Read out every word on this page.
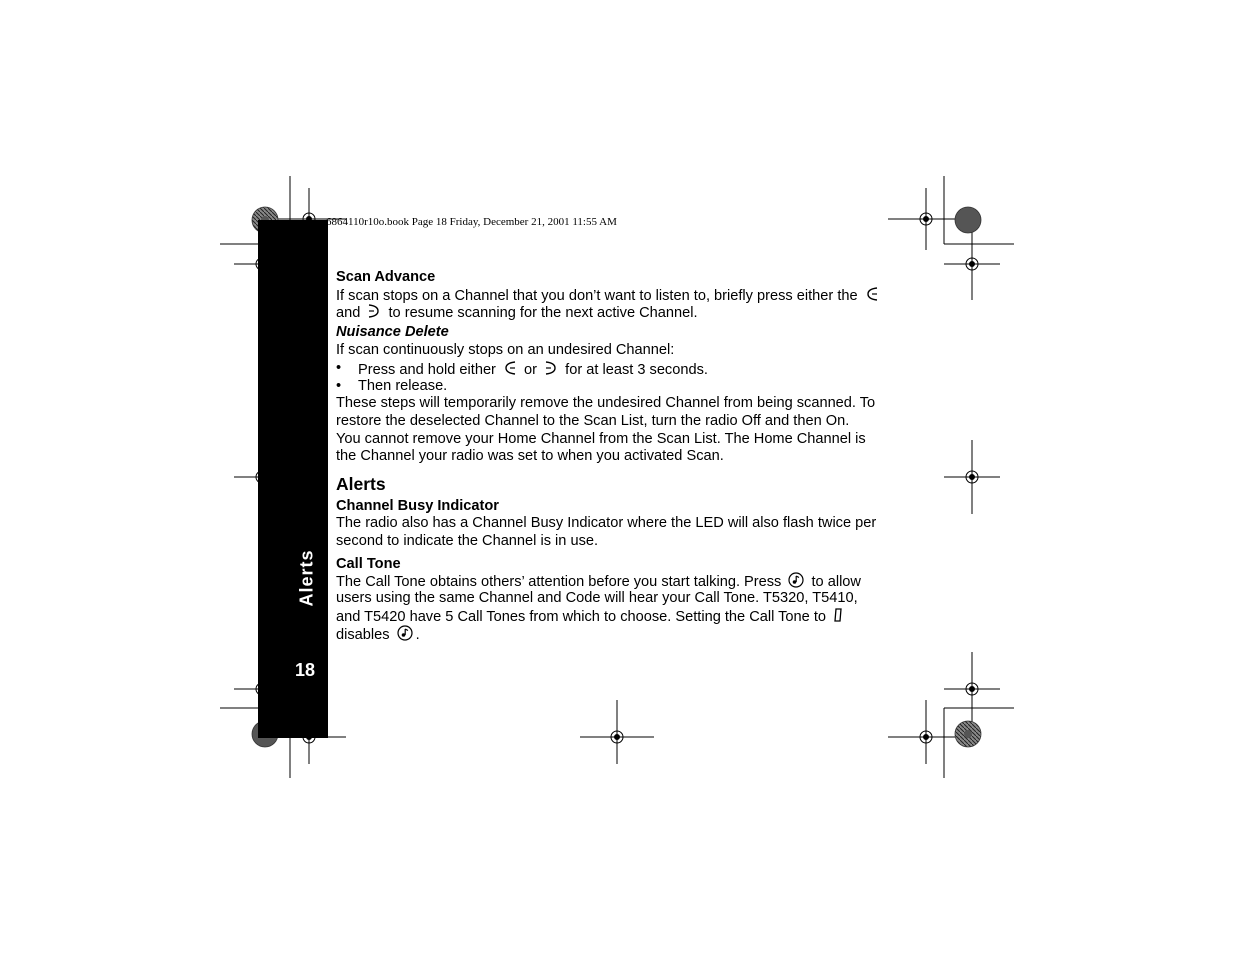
Alerts
18
6864110r10o.book Page 18 Friday, December 21, 2001 11:55 AM
Scan Advance
If scan stops on a Channel that you don’t want to listen to, briefly press either the
and to resume scanning for the next active Channel.
Nuisance Delete
If scan continuously stops on an undesired Channel:
• Press and hold either or for at least 3 seconds.
• Then release.
These steps will temporarily remove the undesired Channel from being scanned. To
restore the deselected Channel to the Scan List, turn the radio Off and then On.
You cannot remove your Home Channel from the Scan List. The Home Channel is
the Channel your radio was set to when you activated Scan.
Alerts
Channel Busy Indicator
The radio also has a Channel Busy Indicator where the LED will also flash twice per
second to indicate the Channel is in use.
Call Tone
The Call Tone obtains others’ attention before you start talking. Press to allow
users using the same Channel and Code will hear your Call Tone. T5320, T5410,
and T5420 have 5 Call Tones from which to choose. Setting the Call Tone to
disables .
